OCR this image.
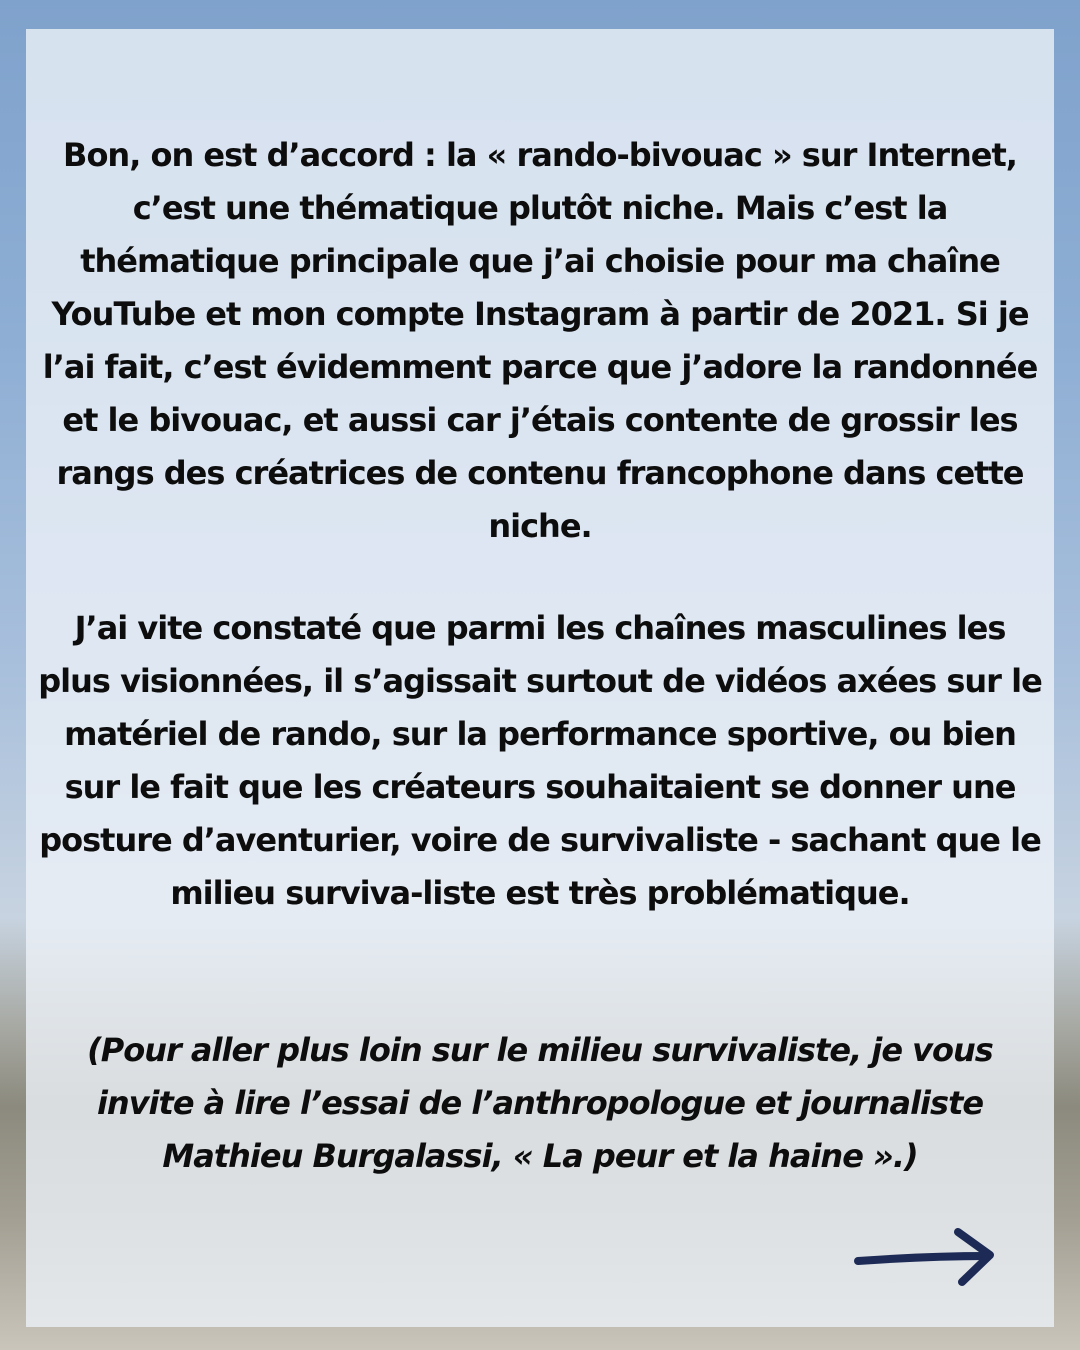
Bon, on est d’accord : la « rando-bivouac » sur Internet, c’est une thématique plutôt niche. Mais c’est la thématique principale que j’ai choisie pour ma chaîne YouTube et mon compte Instagram à partir de 2021. Si je l’ai fait, c’est évidemment parce que j’adore la randonnée et le bivouac, et aussi car j’étais contente de grossir les rangs des créatrices de contenu francophone dans cette niche.

J’ai vite constaté que parmi les chaînes masculines les plus visionnées, il s’agissait surtout de vidéos axées sur le matériel de rando, sur la performance sportive, ou bien sur le fait que les créateurs souhaitaient se donner une posture d’aventurier, voire de survivaliste - sachant que le milieu surviva-liste est très problématique.

(Pour aller plus loin sur le milieu survivaliste, je vous invite à lire l’essai de l’anthropologue et journaliste Mathieu Burgalassi, « La peur et la haine ».)
